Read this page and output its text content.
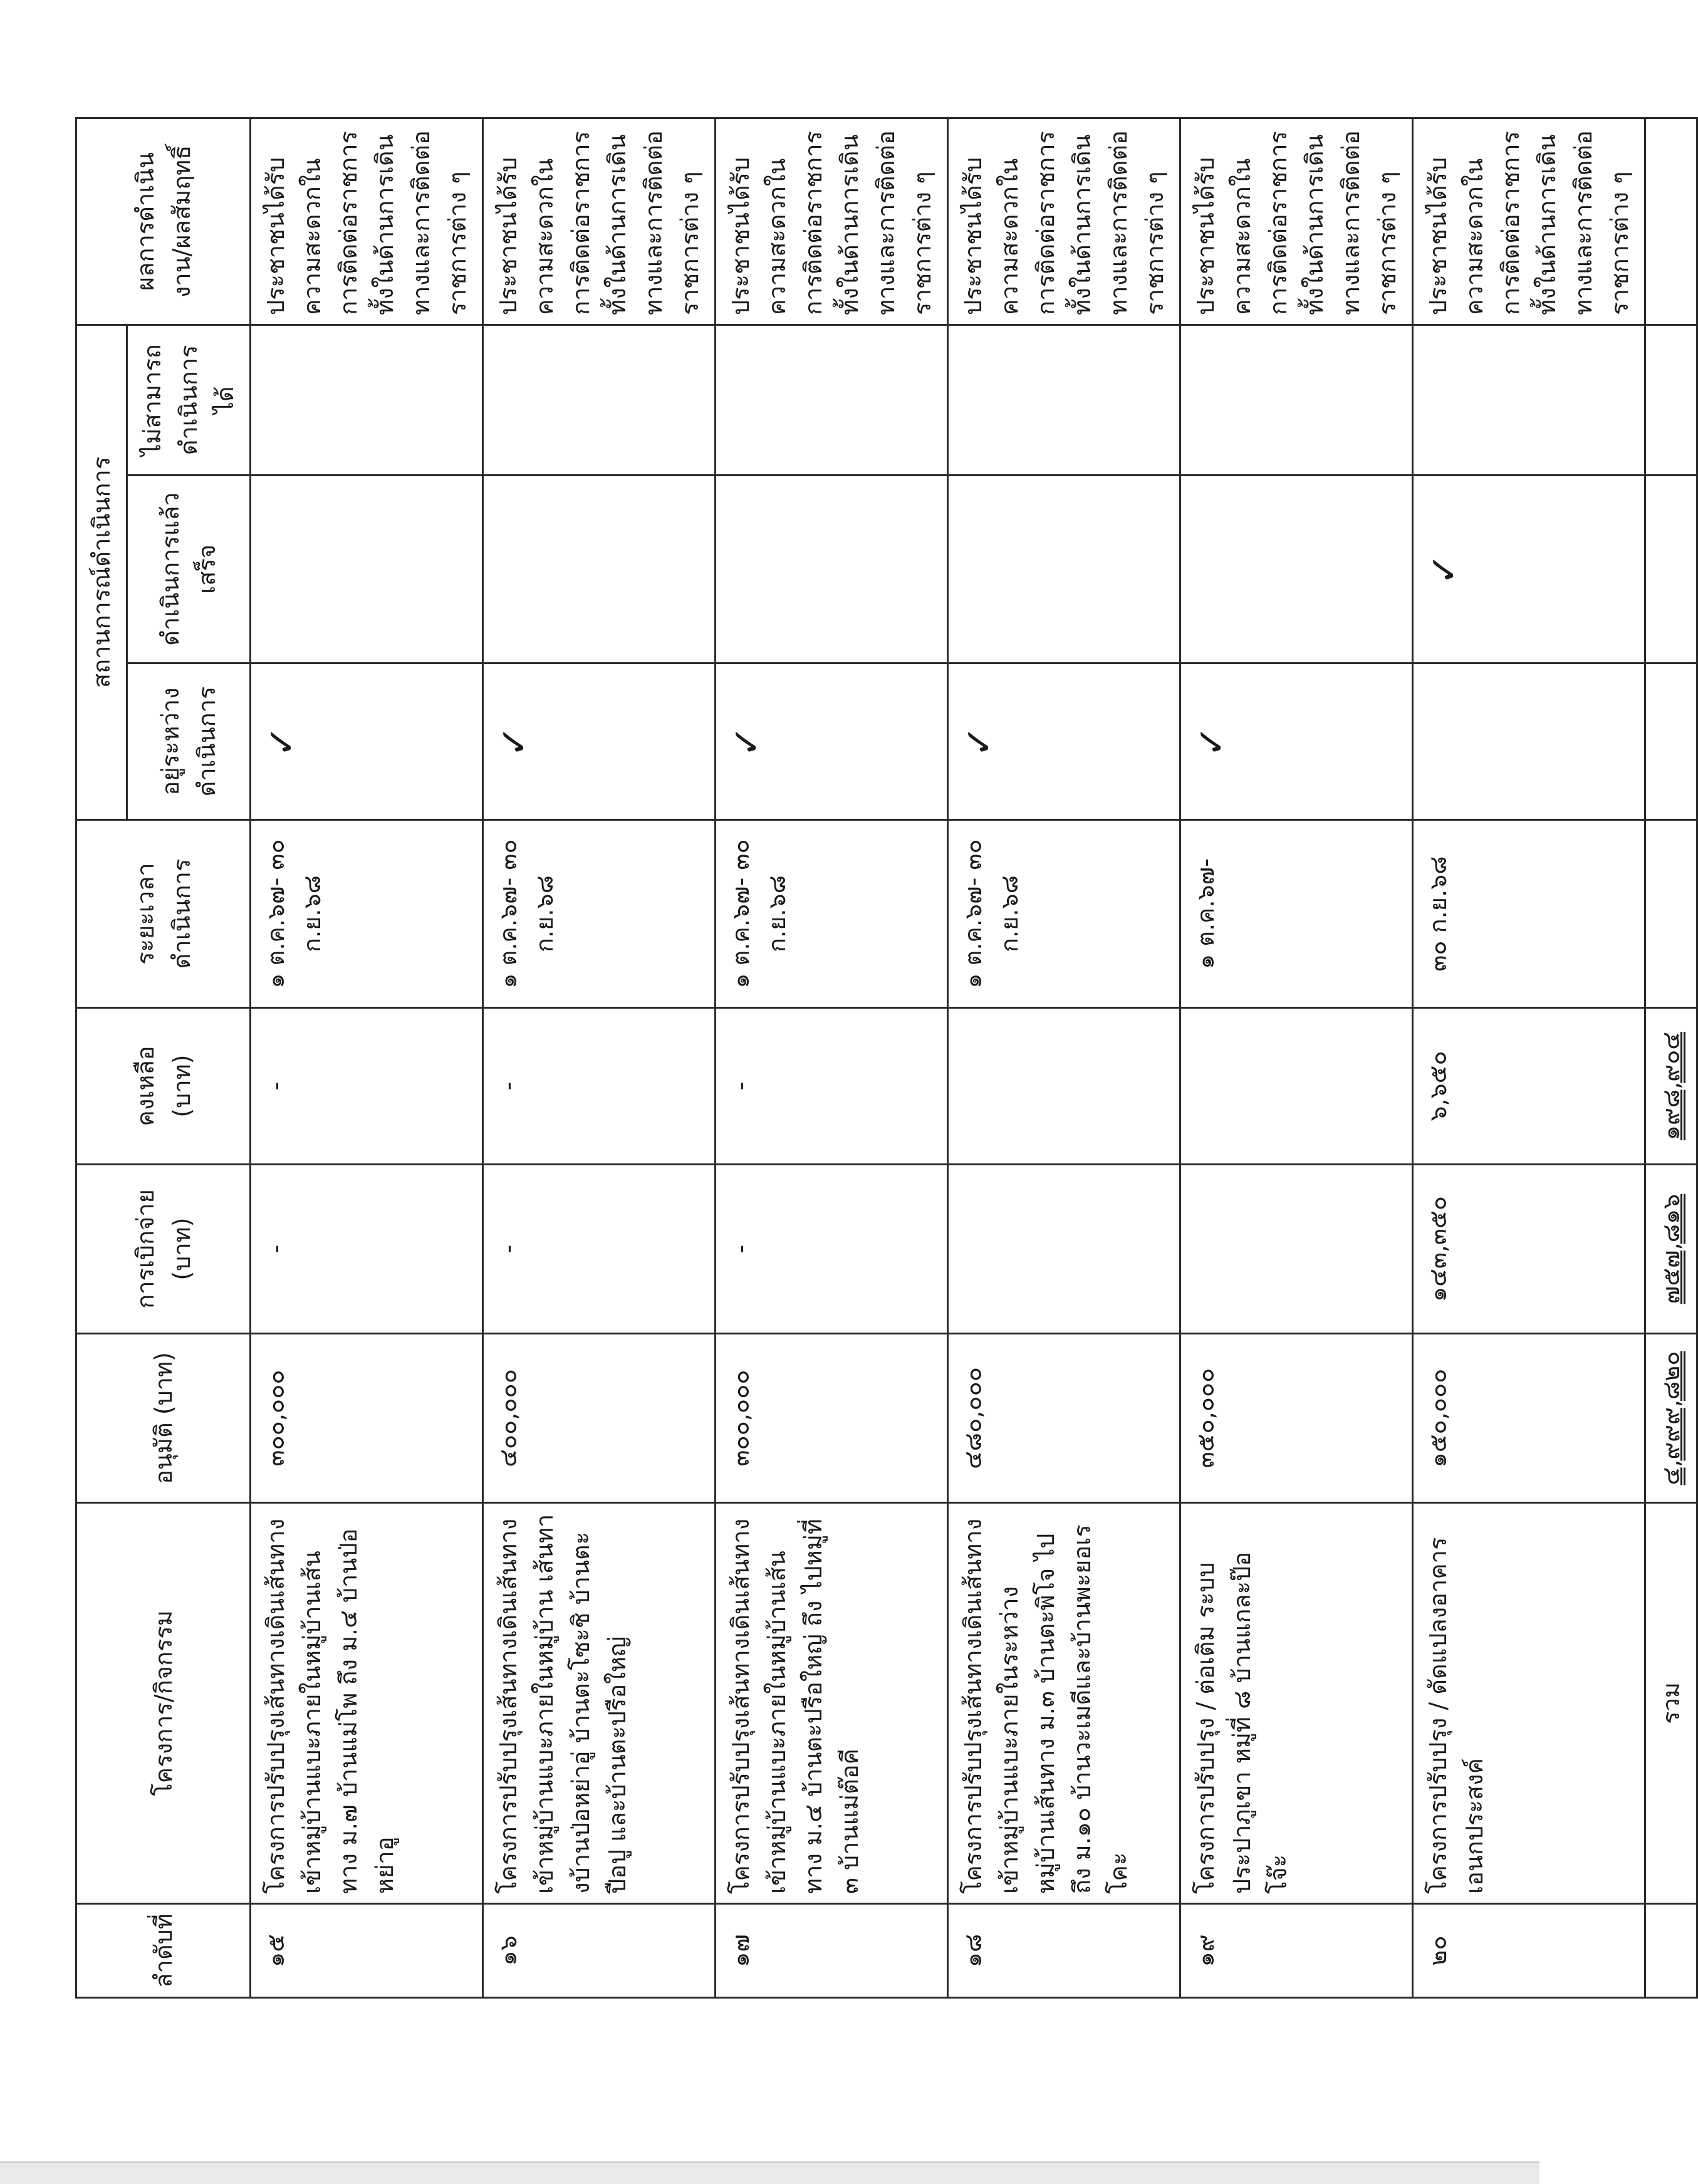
ลำดับที่	โครงการ/กิจกรรม	อนุมัติ (บาท)	การเบิกจ่าย (บาท)	คงเหลือ (บาท)	ระยะเวลาดำเนินการ	สถานการณ์ดำเนินการ			ผลการดำเนินงาน/ผลสัมฤทธิ์
						อยู่ระหว่างดำเนินการ	ดำเนินการแล้วเสร็จ	ไม่สามารถดำเนินการได้	
๑๕	โครงการปรับปรุงเส้นทางเดินเส้นทางเข้าหมู่บ้านแบะภายในหมู่บ้านเส้นทาง ม.๗ บ้านแม่โพ ถึง ม.๔ บ้านป่อหย่าอู	๓๐๐,๐๐๐	-	-	๑ ต.ค.๖๗- ๓๐ ก.ย.๖๘	✓			ประชาชนได้รับความสะดวกในการติดต่อราชการ ทั้งในด้านการเดินทางและการติดต่อราชการต่าง ๆ
๑๖	โครงการปรับปรุงเส้นทางเดินเส้นทางเข้าหมู่บ้านแบะภายในหมู่บ้าน เส้นทางบ้านป่อหย่าอู่ บ้านตะโซะชิ บ้านตะปือปู และบ้านตะปรือใหญ่	๔๐๐,๐๐๐	-	-	๑ ต.ค.๖๗- ๓๐ ก.ย.๖๘	✓			ประชาชนได้รับความสะดวกในการติดต่อราชการ ทั้งในด้านการเดินทางและการติดต่อราชการต่าง ๆ
๑๗	โครงการปรับปรุงเส้นทางเดินเส้นทางเข้าหมู่บ้านแบะภายในหมู่บ้านเส้นทาง ม.๔ บ้านตะปรือใหญ่ ถึง ไปหมู่ที่ ๓ บ้านแม่ต๊อคี	๓๐๐,๐๐๐	-	-	๑ ต.ค.๖๗- ๓๐ ก.ย.๖๘	✓			ประชาชนได้รับความสะดวกในการติดต่อราชการ ทั้งในด้านการเดินทางและการติดต่อราชการต่าง ๆ
๑๘	โครงการปรับปรุงเส้นทางเดินเส้นทางเข้าหมู่บ้านแบะภายในระหว่างหมู่บ้านเส้นทาง ม.๓ บ้านตะพิโจ ไปถึง ม.๑๐ บ้านวะเมดีและบ้านพะยอเรโคะ	๔๘๐,๐๐๐			๑ ต.ค.๖๗- ๓๐ ก.ย.๖๘	✓			ประชาชนได้รับความสะดวกในการติดต่อราชการ ทั้งในด้านการเดินทางและการติดต่อราชการต่าง ๆ
๑๙	โครงการปรับปรุง / ต่อเติม ระบบประปาภูเขา หมู่ที่ ๘ บ้านแกละป๊อโจ๊ะ	๓๕๐,๐๐๐			๑ ต.ค.๖๗-	✓			ประชาชนได้รับความสะดวกในการติดต่อราชการ ทั้งในด้านการเดินทางและการติดต่อราชการต่าง ๆ
๒๐	โครงการปรับปรุง / ดัดแปลงอาคารเอนกประสงค์	๑๕๐,๐๐๐	๑๔๓,๓๕๐	๖,๖๕๐	๓๐ ก.ย.๖๘		✓		ประชาชนได้รับความสะดวกในการติดต่อราชการ ทั้งในด้านการเดินทางและการติดต่อราชการต่าง ๆ
	รวม	๔,๙๙๙,๘๒๐	๗๕๗,๘๑๖	๑๙๘,๙๐๔					
